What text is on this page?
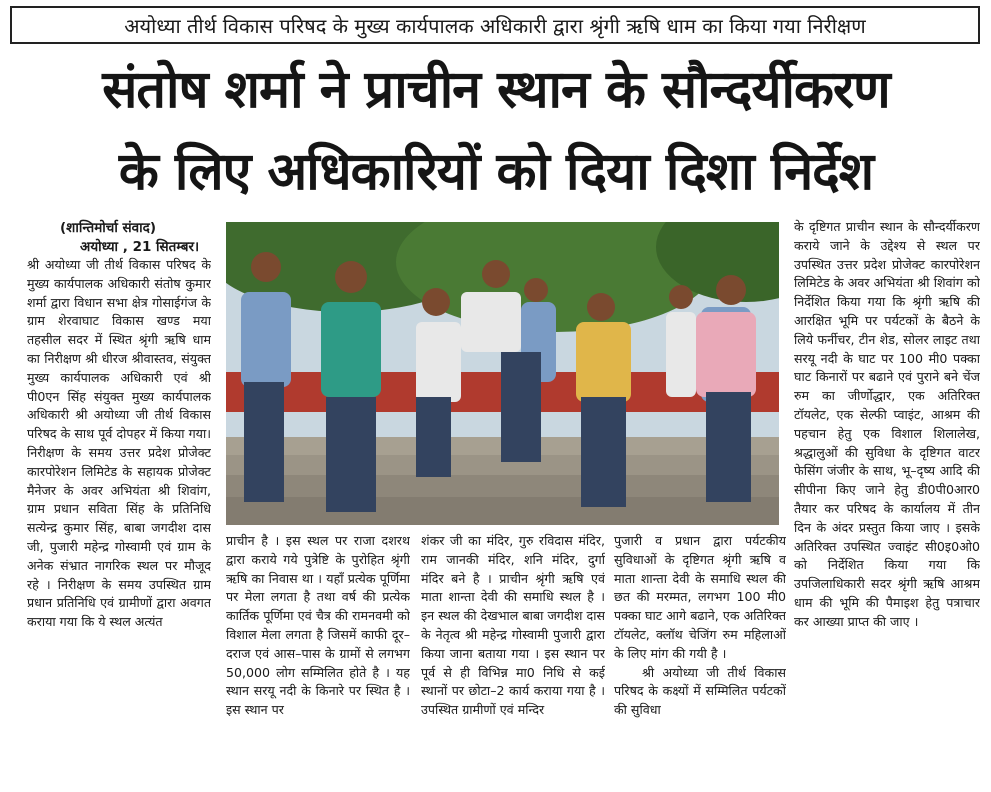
अयोध्या तीर्थ विकास परिषद के मुख्य कार्यपालक अधिकारी द्वारा श्रृंगी ऋषि धाम का किया गया निरीक्षण
संतोष शर्मा ने प्राचीन स्थान के सौन्दर्यीकरण
के लिए अधिकारियों को दिया दिशा निर्देश
(शान्तिमोर्चा संवाद)
अयोध्या , 21 सितम्बर।

श्री अयोध्या जी तीर्थ विकास परिषद के मुख्य कार्यपालक अधिकारी संतोष कुमार शर्मा द्वारा विधान सभा क्षेत्र गोसाईगंज के ग्राम शेरवाघाट विकास खण्ड मया तहसील सदर में स्थित श्रृंगी ऋषि धाम का निरीक्षण श्री धीरज श्रीवास्तव, संयुक्त मुख्य कार्यपालक अधिकारी एवं श्री पी0एन सिंह संयुक्त मुख्य कार्यपालक अधिकारी श्री अयोध्या जी तीर्थ विकास परिषद के साथ पूर्व दोपहर में किया गया। निरीक्षण के समय उत्तर प्रदेश प्रोजेक्ट कारपोरेशन लिमिटेड के सहायक प्रोजेक्ट मैनेजर के अवर अभियंता श्री शिवांग, ग्राम प्रधान सविता सिंह के प्रतिनिधि सत्येन्द्र कुमार सिंह, बाबा जगदीश दास जी, पुजारी महेन्द्र गोस्वामी एवं ग्राम के अनेक संभ्रात नागरिक स्थल पर मौजूद रहे । निरीक्षण के समय उपस्थित ग्राम प्रधान प्रतिनिधि एवं ग्रामीणों द्वारा अवगत कराया गया कि ये स्थल अत्यंत

प्राचीन है । इस स्थल पर राजा दशरथ द्वारा कराये गये पुत्रेष्टि के पुरोहित श्रृंगी ऋषि का निवास था । यहाँ प्रत्येक पूर्णिमा पर मेला लगता है तथा वर्ष की प्रत्येक कार्तिक पूर्णिमा एवं चैत्र की रामनवमी को विशाल मेला लगता है जिसमें काफी दूर–दराज एवं आस–पास के ग्रामों से लगभग 50,000 लोग सम्मिलित होते है । यह स्थान सरयू नदी के किनारे पर स्थित है । इस स्थान पर

शंकर जी का मंदिर, गुरु रविदास मंदिर, राम जानकी मंदिर, शनि मंदिर, दुर्गा मंदिर बने है । प्राचीन श्रृंगी ऋषि एवं माता शान्ता देवी की समाधि स्थल है । इन स्थल की देखभाल बाबा जगदीश दास के नेतृत्व श्री महेन्द्र गोस्वामी पुजारी द्वारा किया जाना बताया गया । इस स्थान पर पूर्व से ही विभिन्न मा0 निधि से कई स्थानों पर छोटा–2 कार्य कराया गया है ।उपस्थित ग्रामीणों एवं मन्दिर

पुजारी व प्रधान द्वारा पर्यटकीय सुविधाओं के दृष्टिगत श्रृंगी ऋषि व माता शान्ता देवी के समाधि स्थल की छत की मरम्मत, लगभग 100 मी0 पक्का घाट आगे बढाने, एक अतिरिक्त टॉयलेट, क्लॉथ चेजिंग रुम महिलाओं के लिए मांग की गयी है ।

श्री अयोध्या जी तीर्थ विकास परिषद के कक्ष्यों में सम्मिलित पर्यटकों की सुविधा

के दृष्टिगत प्राचीन स्थान के सौन्दर्यीकरण कराये जाने के उद्देश्य से स्थल पर उपस्थित उत्तर प्रदेश प्रोजेक्ट कारपोरेशन लिमिटेड के अवर अभियंता श्री शिवांग को निर्देशित किया गया कि श्रृंगी ऋषि की आरक्षित भूमि पर पर्यटकों के बैठने के लिये फर्नीचर, टीन शेड, सोलर लाइट तथा सरयू नदी के घाट पर 100 मी0 पक्का घाट किनारों पर बढाने एवं पुराने बने चेंज रुम का जीर्णोद्धार, एक अतिरिक्त टॉयलेट, एक सेल्फी प्वाइंट, आश्रम की पहचान हेतु एक विशाल शिलालेख, श्रद्धालुओं की सुविधा के दृष्टिगत वाटर फेसिंग जंजीर के साथ, भू–दृष्य आदि की सीपीना किए जाने हेतु डी0पी0आर0 तैयार कर परिषद के कार्यालय में तीन दिन के अंदर प्रस्तुत किया जाए । इसके अतिरिक्त उपस्थित ज्वाइंट सी0इ0ओ0 को निर्देशित किया गया कि उपजिलाधिकारी सदर श्रृंगी ऋषि आश्रम धाम की भूमि की पैमाइश हेतु पत्राचार कर आख्या प्राप्त की जाए ।
